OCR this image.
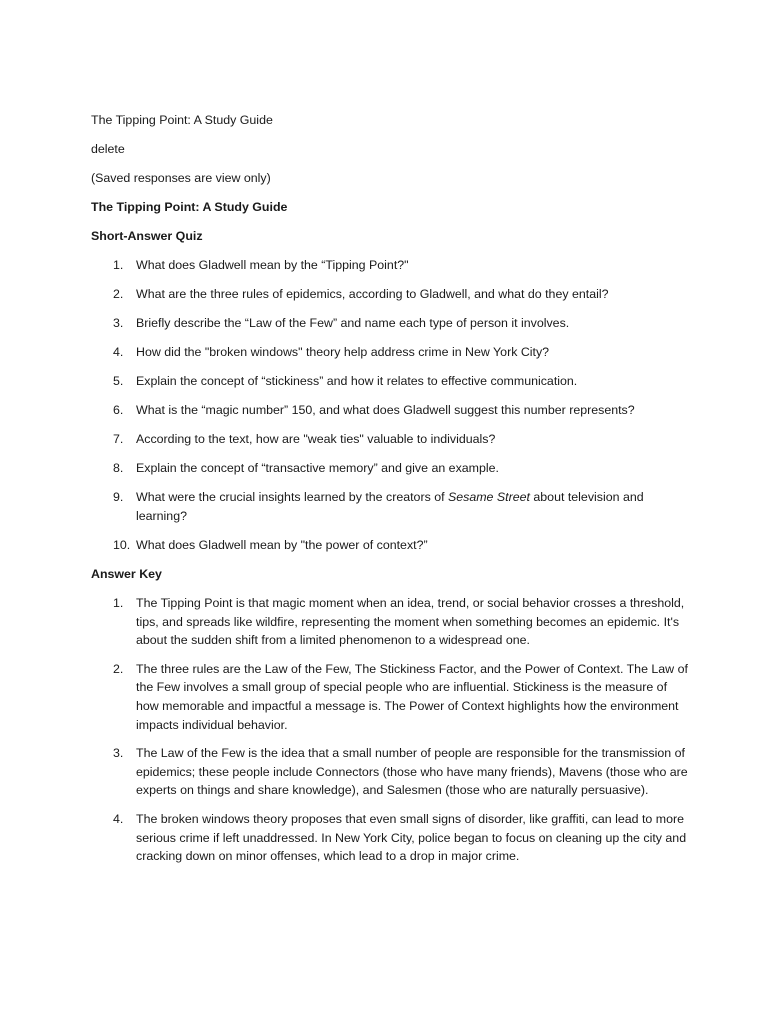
The Tipping Point: A Study Guide

delete

(Saved responses are view only)

The Tipping Point: A Study Guide

Short-Answer Quiz

1. What does Gladwell mean by the “Tipping Point?"
2. What are the three rules of epidemics, according to Gladwell, and what do they entail?
3. Briefly describe the “Law of the Few” and name each type of person it involves.
4. How did the "broken windows" theory help address crime in New York City?
5. Explain the concept of “stickiness” and how it relates to effective communication.
6. What is the “magic number” 150, and what does Gladwell suggest this number represents?
7. According to the text, how are "weak ties" valuable to individuals?
8. Explain the concept of “transactive memory” and give an example.
9. What were the crucial insights learned by the creators of Sesame Street about television and learning?
10. What does Gladwell mean by "the power of context?”

Answer Key

1. The Tipping Point is that magic moment when an idea, trend, or social behavior crosses a threshold, tips, and spreads like wildfire, representing the moment when something becomes an epidemic. It's about the sudden shift from a limited phenomenon to a widespread one.
2. The three rules are the Law of the Few, The Stickiness Factor, and the Power of Context. The Law of the Few involves a small group of special people who are influential. Stickiness is the measure of how memorable and impactful a message is. The Power of Context highlights how the environment impacts individual behavior.
3. The Law of the Few is the idea that a small number of people are responsible for the transmission of epidemics; these people include Connectors (those who have many friends), Mavens (those who are experts on things and share knowledge), and Salesmen (those who are naturally persuasive).
4. The broken windows theory proposes that even small signs of disorder, like graffiti, can lead to more serious crime if left unaddressed. In New York City, police began to focus on cleaning up the city and cracking down on minor offenses, which lead to a drop in major crime.
